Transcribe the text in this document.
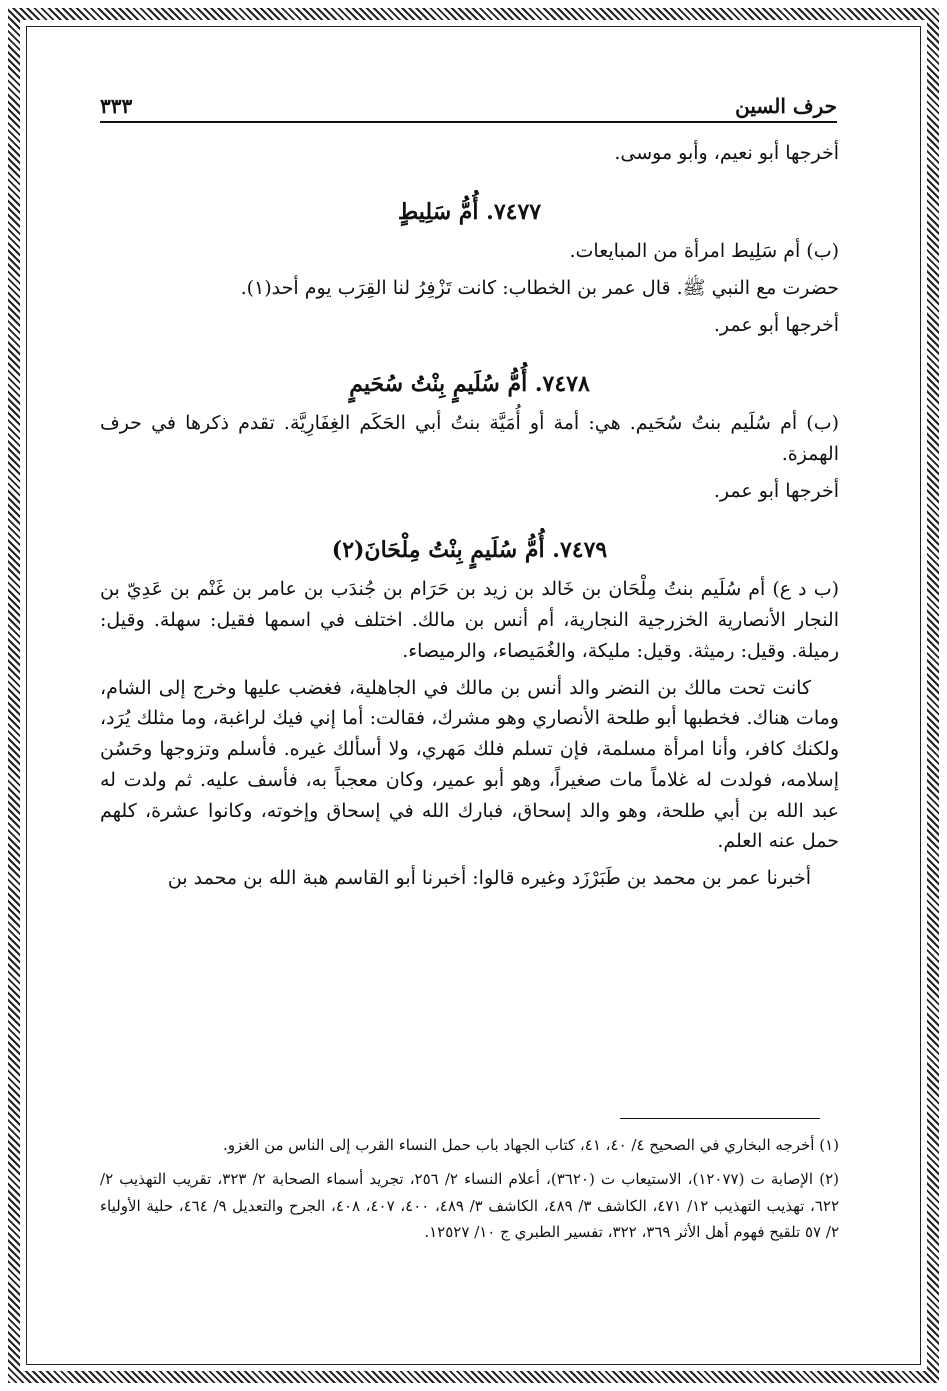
٣٣٣	حرف السين

أخرجها أبو نعيم، وأبو موسى.

٧٤٧٧. أُمُّ سَلِيطٍ

(ب) أم سَلِيط امرأة من المبايعات.

حضرت مع النبي ﷺ. قال عمر بن الخطاب: كانت تَزْفِرُ لنا القِرَب يوم أحد(١).

أخرجها أبو عمر.

٧٤٧٨. أُمُّ سُلَيمٍ بِنْتُ سُحَيمٍ

(ب) أم سُلَيم بنتُ سُحَيم. هي: أمة أو أُمَيَّة بنتُ أبي الحَكَم الغِفَارِيَّة. تقدم ذكرها في حرف الهمزة.

أخرجها أبو عمر.

٧٤٧٩. أُمُّ سُلَيمٍ بِنْتُ مِلْحَانَ(٢)

(ب د ع) أم سُلَيم بنتُ مِلْحَان بن خَالد بن زيد بن حَرَام بن جُندَب بن عامر بن غَنْم بن عَدِيّ بن النجار الأنصارية الخزرجية النجارية، أم أنس بن مالك. اختلف في اسمها فقيل: سهلة. وقيل: رميلة. وقيل: رميثة. وقيل: مليكة، والغُمَيصاء، والرميصاء.

كانت تحت مالك بن النضر والد أنس بن مالك في الجاهلية، فغضب عليها وخرج إلى الشام، ومات هناك. فخطبها أبو طلحة الأنصاري وهو مشرك، فقالت: أما إني فيك لراغبة، وما مثلك يُرَد، ولكنك كافر، وأنا امرأة مسلمة، فإن تسلم فلك مَهري، ولا أسألك غيره. فأسلم وتزوجها وحَسُن إسلامه، فولدت له غلاماً مات صغيراً، وهو أبو عمير، وكان معجباً به، فأسف عليه. ثم ولدت له عبد الله بن أبي طلحة، وهو والد إسحاق، فبارك الله في إسحاق وإخوته، وكانوا عشرة، كلهم حمل عنه العلم.

أخبرنا عمر بن محمد بن طَبَرْزَد وغيره قالوا: أخبرنا أبو القاسم هبة الله بن محمد بن

(١) أخرجه البخاري في الصحيح ٤/ ٤٠، ٤١، كتاب الجهاد باب حمل النساء القرب إلى الناس من الغزو.

(٢) الإصابة ت (١٢٠٧٧)، الاستيعاب ت (٣٦٢٠)، أعلام النساء ٢/ ٢٥٦، تجريد أسماء الصحابة ٢/ ٣٢٣، تقريب التهذيب ٢/ ٦٢٢، تهذيب التهذيب ١٢/ ٤٧١، الكاشف ٣/ ٤٨٩، الكاشف ٣/ ٤٨٩، ٤٠٠، ٤٠٧، ٤٠٨، الجرح والتعديل ٩/ ٤٦٤، حلية الأولياء ٢/ ٥٧ تلقيح فهوم أهل الأثر ٣٦٩، ٣٢٢، تفسير الطبري ج ١٠/ ١٢٥٢٧.
